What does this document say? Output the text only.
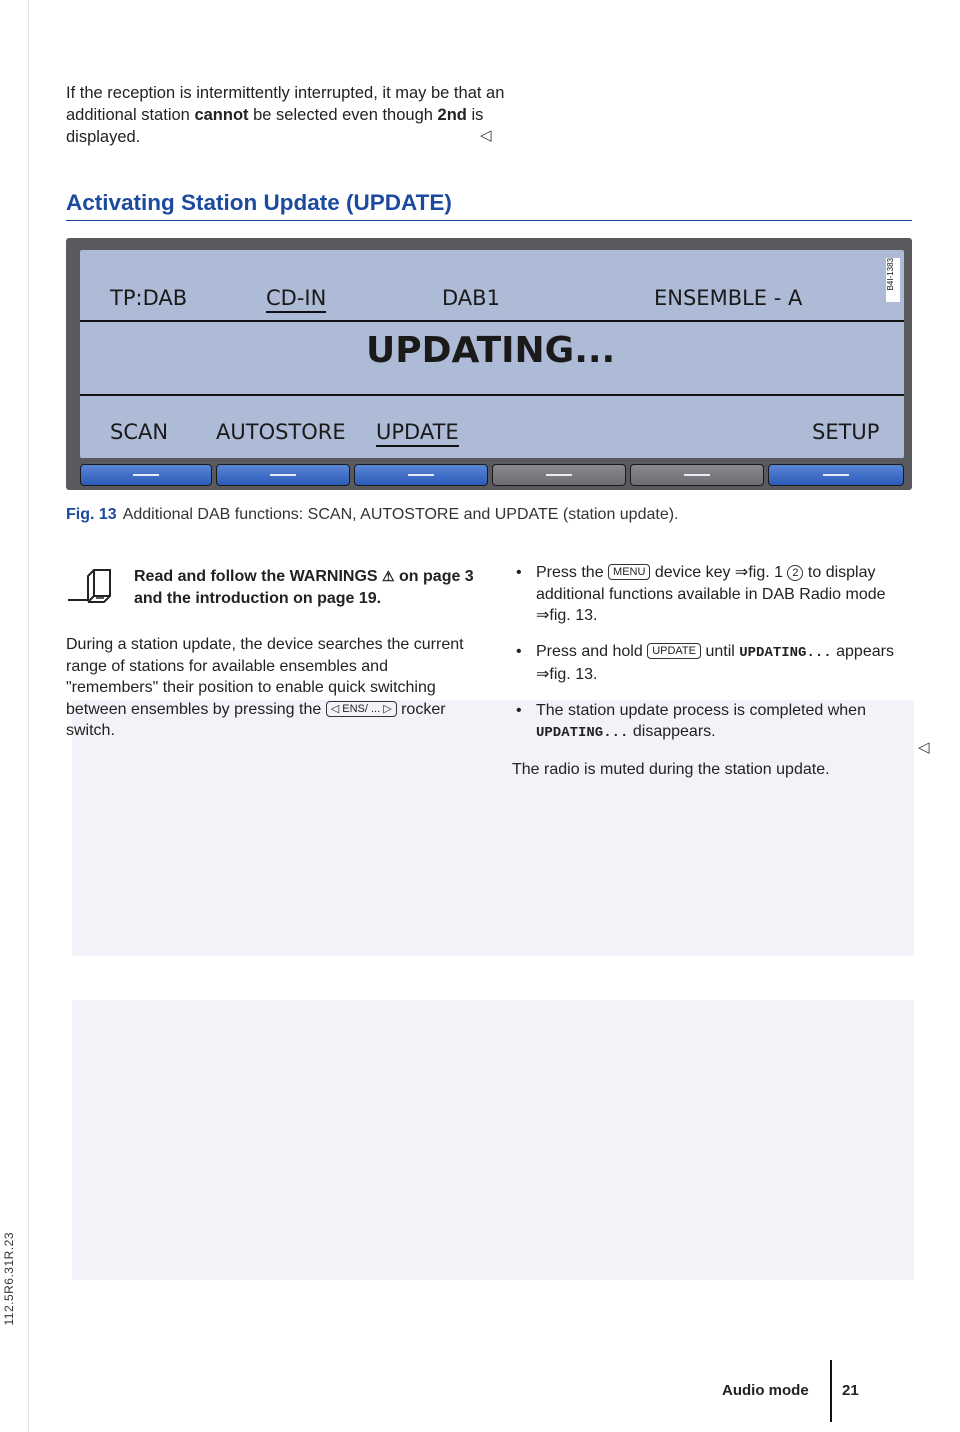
112.5R6.31R.23

If the reception is intermittently interrupted, it may be that an additional station cannot be selected even though 2nd is displayed.	◁
Activating Station Update (UPDATE)
TP:DAB	CD-IN	DAB1	ENSEMBLE - A
UPDATING...
SCAN AUTOSTORE UPDATE	SETUP
B4I-1383
Fig. 13 Additional DAB functions: SCAN, AUTOSTORE and UPDATE (station update).
Read and follow the WARNINGS ⚠ on page 3 and the introduction on page 19.
During a station update, the device searches the current range of stations for available ensembles and "remembers" their position to enable quick switching between ensembles by pressing the ◁ ENS/ ... ▷ rocker switch.
• Press the MENU device key ⇒fig. 1 2 to display additional functions available in DAB Radio mode ⇒fig. 13.
• Press and hold UPDATE until UPDATING... appears ⇒fig. 13.
• The station update process is completed when UPDATING... disappears.
The radio is muted during the station update.
◁
Audio mode 21
